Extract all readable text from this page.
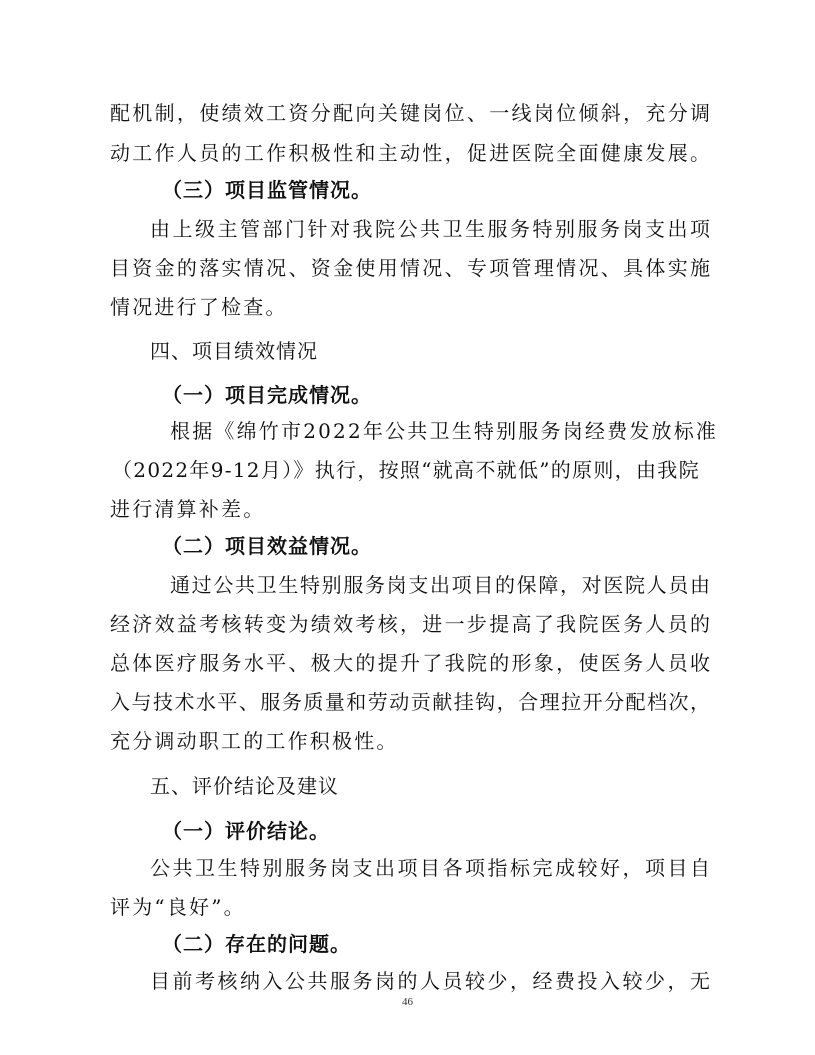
配机制，使绩效工资分配向关键岗位、一线岗位倾斜，充分调
动工作人员的工作积极性和主动性，促进医院全面健康发展。
（三）项目监管情况。
由上级主管部门针对我院公共卫生服务特别服务岗支出项
目资金的落实情况、资金使用情况、专项管理情况、具体实施
情况进行了检查。
四、项目绩效情况
（一）项目完成情况。
根据《绵竹市2022年公共卫生特别服务岗经费发放标准
（2022年9-12月）》执行，按照“就高不就低”的原则，由我院
进行清算补差。
（二）项目效益情况。
通过公共卫生特别服务岗支出项目的保障，对医院人员由
经济效益考核转变为绩效考核，进一步提高了我院医务人员的
总体医疗服务水平、极大的提升了我院的形象，使医务人员收
入与技术水平、服务质量和劳动贡献挂钩，合理拉开分配档次，
充分调动职工的工作积极性。
五、评价结论及建议
（一）评价结论。
公共卫生特别服务岗支出项目各项指标完成较好，项目自
评为“良好”。
（二）存在的问题。
目前考核纳入公共服务岗的人员较少，经费投入较少，无
46
